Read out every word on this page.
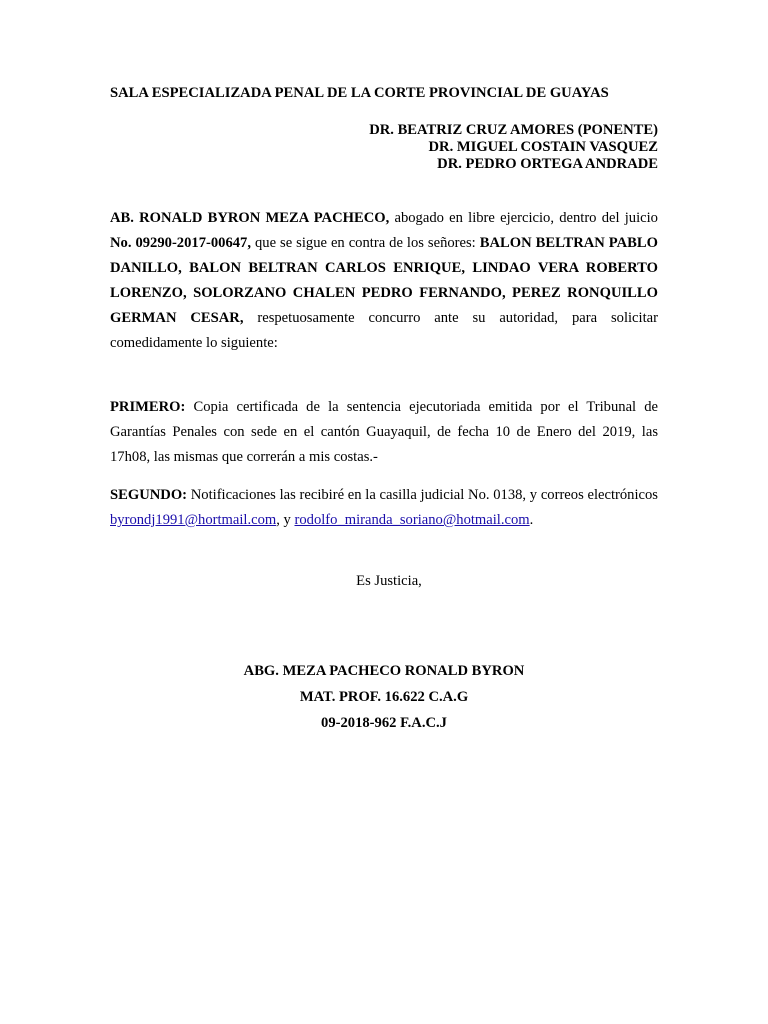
SALA ESPECIALIZADA PENAL DE LA CORTE PROVINCIAL DE GUAYAS
DR. BEATRIZ CRUZ AMORES (PONENTE)
DR. MIGUEL COSTAIN VASQUEZ
DR. PEDRO ORTEGA ANDRADE
AB. RONALD BYRON MEZA PACHECO, abogado en libre ejercicio, dentro del juicio No. 09290-2017-00647, que se sigue en contra de los señores: BALON BELTRAN PABLO DANILLO, BALON BELTRAN CARLOS ENRIQUE, LINDAO VERA ROBERTO LORENZO, SOLORZANO CHALEN PEDRO FERNANDO, PEREZ RONQUILLO GERMAN CESAR, respetuosamente concurro ante su autoridad, para solicitar comedidamente lo siguiente:
PRIMERO: Copia certificada de la sentencia ejecutoriada emitida por el Tribunal de Garantías Penales con sede en el cantón Guayaquil, de fecha 10 de Enero del 2019, las 17h08, las mismas que correrán a mis costas.-
SEGUNDO: Notificaciones las recibiré en la casilla judicial No. 0138, y correos electrónicos byrondj1991@hortmail.com, y rodolfo_miranda_soriano@hotmail.com.
Es Justicia,
ABG. MEZA PACHECO RONALD BYRON
MAT. PROF. 16.622 C.A.G
09-2018-962 F.A.C.J
